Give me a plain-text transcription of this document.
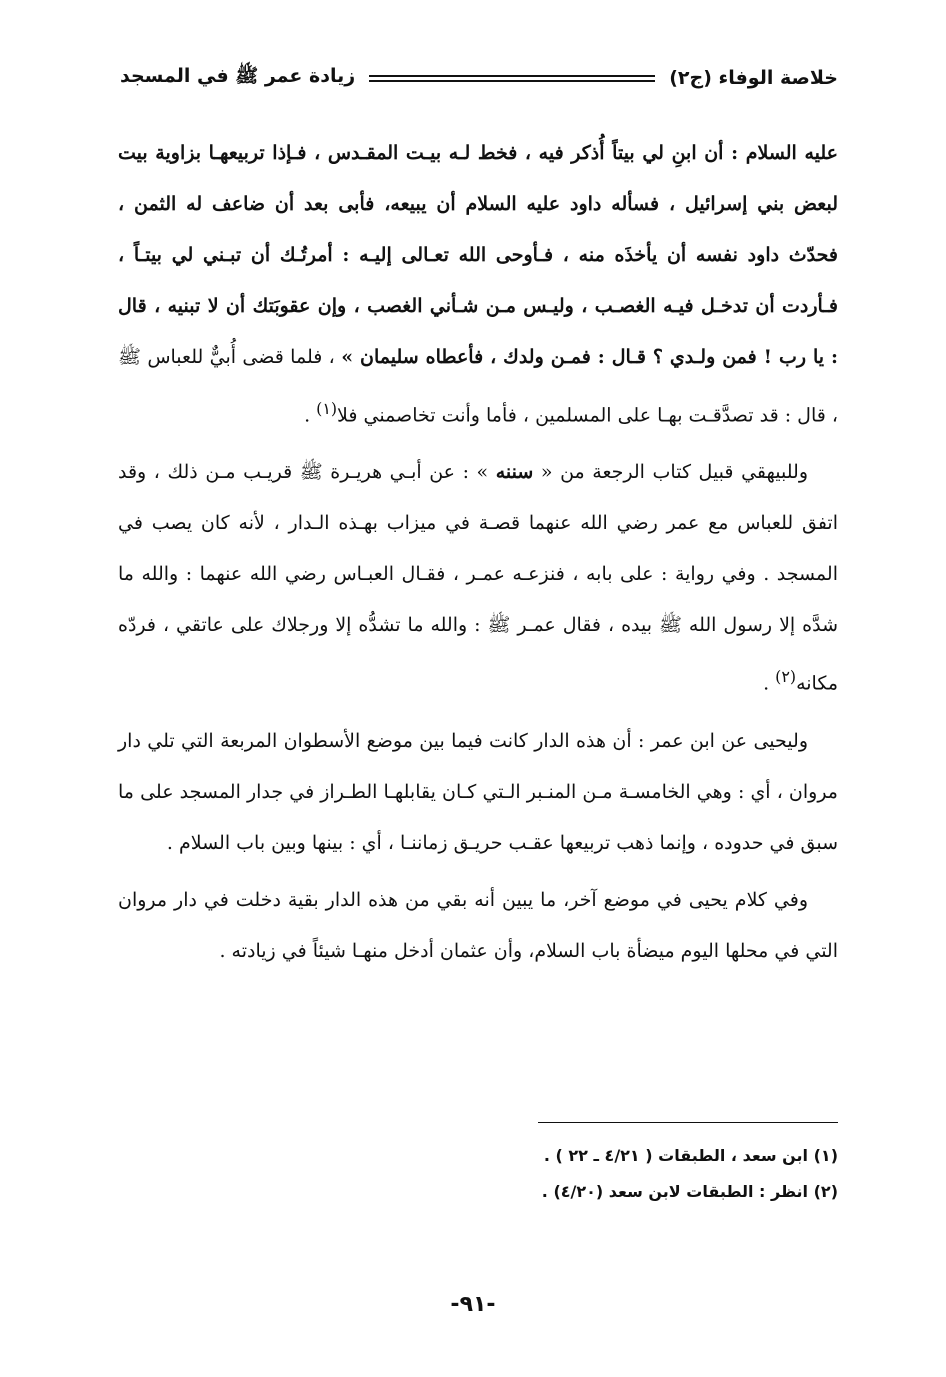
خلاصة الوفاء (ج٢)
زيادة عمر ﷺ في المسجد

عليه السلام : أن ابنِ لي بيتاً أُذكر فيه ، فخط لـه بيـت المقـدس ، فـإذا تربيعهـا بزاوية بيت لبعض بني إسرائيل ، فسأله داود عليه السلام أن يبيعه، فأبى بعد أن ضاعف له الثمن ، فحدّث داود نفسه أن يأخذَه منه ، فـأوحى الله تعـالى إليـه : أمرتُـك أن تبـني لي بيتـاً ، فـأردت أن تدخـل فيـه الغصـب ، وليـس مـن شـأني الغصب ، وإن عقوبَتك أن لا تبنيه ، قال : يا رب ! فمن ولـدي ؟ قـال : فمـن ولدك ، فأعطاه سليمان » ، فلما قضى أُبيٌّ للعباس ﷺ ، قال : قد تصدَّقـت بهـا على المسلمين ، فأما وأنت تخاصمني فلا$^{(١)}$ .

وللبيهقي قبيل كتاب الرجعة من « سننه » : عن أبـي هريـرة ﷺ قريـب مـن ذلك ، وقد اتفق للعباس مع عمر رضي الله عنهما قصـة في ميزاب بهـذه الـدار ، لأنه كان يصب في المسجد . وفي رواية : على بابه ، فنزعـه عمـر ، فقـال العبـاس رضي الله عنهما : والله ما شدَّه إلا رسول الله ﷺ بيده ، فقال عمـر ﷺ : والله ما تشدُّه إلا ورجلاك على عاتقي ، فردّه مكانه$^{(٢)}$ .

وليحيى عن ابن عمر : أن هذه الدار كانت فيما بين موضع الأسطوان المربعة التي تلي دار مروان ، أي : وهي الخامسـة مـن المنـبر الـتي كـان يقابلهـا الطـراز في جدار المسجد على ما سبق في حدوده ، وإنما ذهب تربيعها عقـب حريـق زماننـا ، أي : بينها وبين باب السلام .

وفي كلام يحيى في موضع آخر، ما يبين أنه بقي من هذه الدار بقية دخلت في دار مروان التي في محلها اليوم ميضأة باب السلام، وأن عثمان أدخل منهـا شيئاً في زيادته .

(١) ابن سعد ، الطبقات ( ٤/٢١ ـ ٢٢ ) .
(٢) انظر : الطبقات لابن سعد (٤/٢٠) .
-٩١-
